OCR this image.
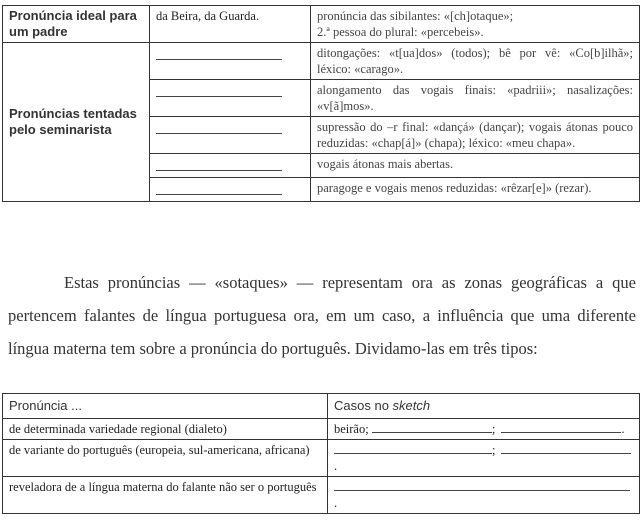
Pronúncia ideal para um padre	da Beira, da Guarda.	pronúncia das sibilantes: «[ch]otaque»;
2.ª pessoa do plural: «percebeis».
Pronúncias tentadas pelo seminarista		ditongações: «t[ua]dos» (todos); bê por vê: «Co[b]ilhã»; léxico: «carago».
		alongamento das vogais finais: «padriii»; nasalizações: «v[ã]mos».
		supressão do –r final: «dançá» (dançar); vogais átonas pouco reduzidas: «chap[á]» (chapa); léxico: «meu chapa».
		vogais átonas mais abertas.
		paragoge e vogais menos reduzidas: «rêzar[e]» (rezar).
Estas pronúncias — «sotaques» — representam ora as zonas geográficas a que pertencem falantes de língua portuguesa ora, em um caso, a influência que uma diferente língua materna tem sobre a pronúncia do português. Dividamo-las em três tipos:
Pronúncia ...	Casos no sketch
de determinada variedade regional (dialeto)	beirão; ; .
de variante do português (europeia, sul-americana, africana)	;.
reveladora de a língua materna do falante não ser o português	.
